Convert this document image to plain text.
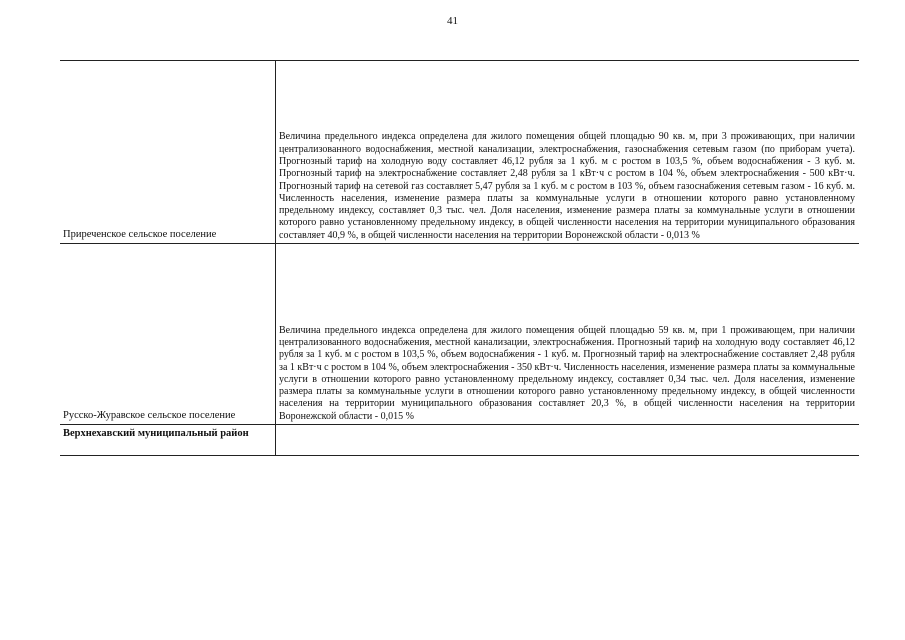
41
Приреченское сельское поселение	Величина предельного индекса определена для жилого помещения общей площадью 90 кв. м, при 3 проживающих, при наличии централизованного водоснабжения, местной канализации, электроснабжения, газоснабжения сетевым газом (по приборам учета). Прогнозный тариф на холодную воду составляет 46,12 рубля за 1 куб. м с ростом в 103,5 %, объем водоснабжения - 3 куб. м. Прогнозный тариф на электроснабжение составляет 2,48 рубля за 1 кВт·ч с ростом в 104 %, объем электроснабжения - 500 кВт·ч. Прогнозный тариф на сетевой газ составляет 5,47 рубля за 1 куб. м с ростом в 103 %, объем газоснабжения сетевым газом - 16 куб. м. Численность населения, изменение размера платы за коммунальные услуги в отношении которого равно установленному предельному индексу, составляет 0,3 тыс. чел. Доля населения, изменение размера платы за коммунальные услуги в отношении которого равно установленному предельному индексу, в общей численности населения на территории муниципального образования составляет 40,9 %, в общей численности населения на территории Воронежской области - 0,013 %

Русско-Журавское сельское поселение	Величина предельного индекса определена для жилого помещения общей площадью 59 кв. м, при 1 проживающем, при наличии централизованного водоснабжения, местной канализации, электроснабжения. Прогнозный тариф на холодную воду составляет 46,12 рубля за 1 куб. м с ростом в 103,5 %, объем водоснабжения - 1 куб. м. Прогнозный тариф на электроснабжение составляет 2,48 рубля за 1 кВт·ч с ростом в 104 %, объем электроснабжения - 350 кВт·ч. Численность населения, изменение размера платы за коммунальные услуги в отношении которого равно установленному предельному индексу, составляет 0,34 тыс. чел. Доля населения, изменение размера платы за коммунальные услуги в отношении которого равно установленному предельному индексу, в общей численности населения на территории муниципального образования составляет 20,3 %, в общей численности населения на территории Воронежской области - 0,015 %

Верхнехавский муниципальный район	
